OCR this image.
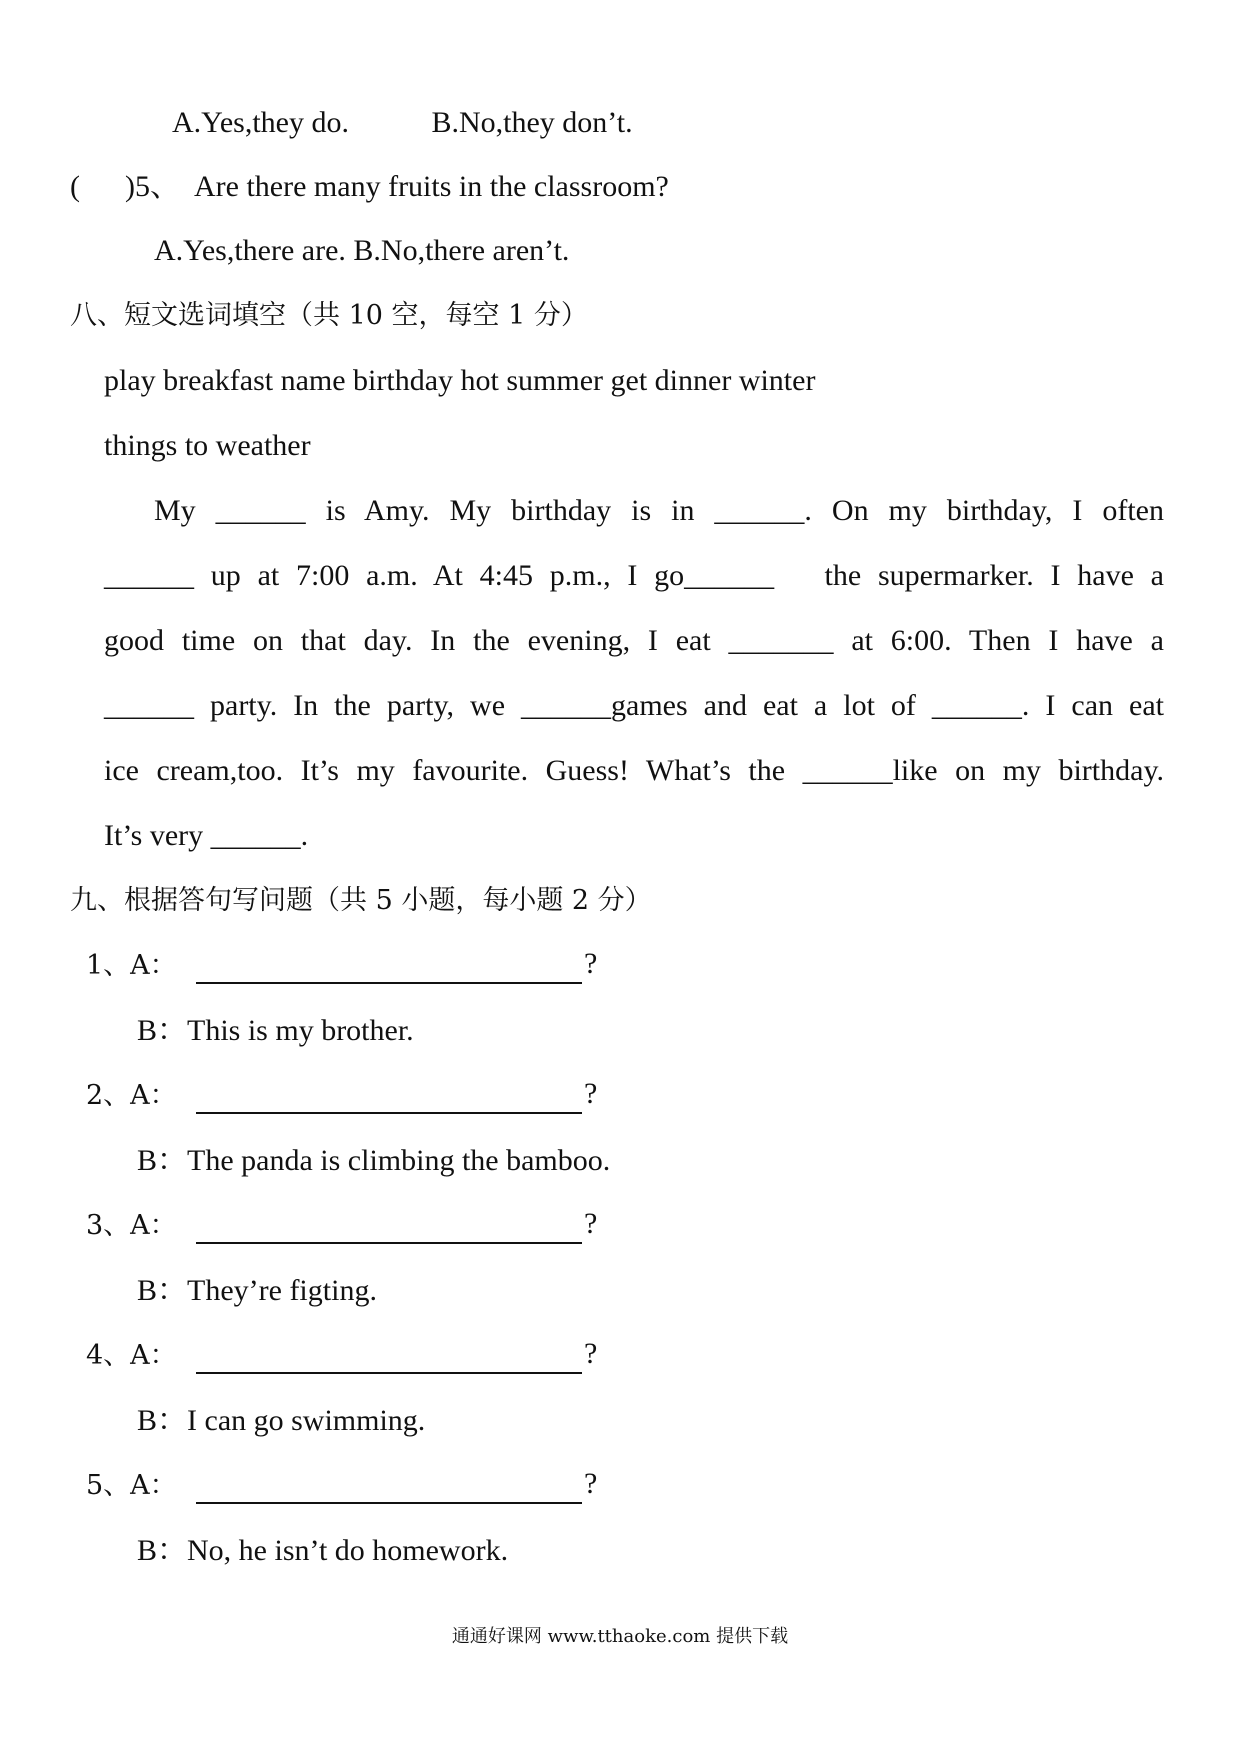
A.Yes,they do.           B.No,they don’t.
(      )5、 Are there many fruits in the classroom?
A.Yes,there are. B.No,there aren’t.
八、短文选词填空（共 10 空，每空 1 分）
play breakfast name birthday hot summer get dinner winter
things to weather
My ______ is Amy. My birthday is in ______. On my birthday, I often
______ up at 7:00 a.m. At 4:45 p.m., I go______   the supermarker. I have a
good time on that day. In the evening, I eat _______ at 6:00. Then I have a
______ party. In the party, we ______games and eat a lot of ______. I can eat
ice cream,too. It’s my favourite. Guess! What’s the ______like on my birthday.
It’s very ______.
九、根据答句写问题（共 5 小题，每小题 2 分）
1、A：	?
B：This is my brother.
2、A：	?
B：The panda is climbing the bamboo.
3、A：	?
B：They’re figting.
4、A：	?
B：I can go swimming.
5、A：	?
B：No, he isn’t do homework.
通通好课网 www.tthaoke.com 提供下载
